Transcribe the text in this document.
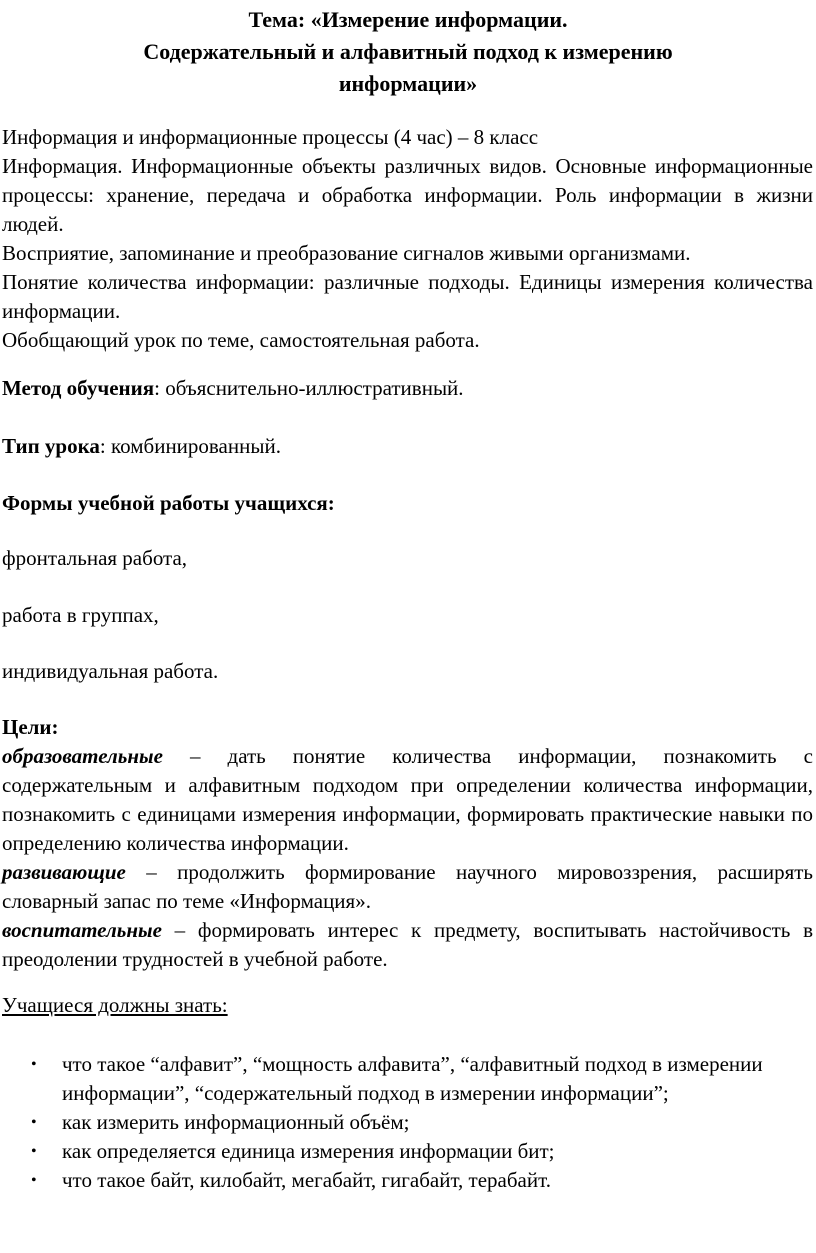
Тема: «Измерение информации.
Содержательный и алфавитный подход к измерению
информации»
Информация и информационные процессы (4 час) – 8 класс
Информация. Информационные объекты различных видов. Основные информационные процессы: хранение, передача и обработка информации. Роль информации в жизни людей.
Восприятие, запоминание и преобразование сигналов живыми организмами.
Понятие количества информации: различные подходы. Единицы измерения количества информации.
Обобщающий урок по теме, самостоятельная работа.
Метод обучения: объяснительно-иллюстративный.
Тип урока: комбинированный.
Формы учебной работы учащихся:
фронтальная работа,
работа в группах,
индивидуальная работа.
Цели:
образовательные – дать понятие количества информации, познакомить с содержательным и алфавитным подходом при определении количества информации, познакомить с единицами измерения информации, формировать практические навыки по определению количества информации.
развивающие – продолжить формирование научного мировоззрения, расширять словарный запас по теме «Информация».
воспитательные – формировать интерес к предмету, воспитывать настойчивость в преодолении трудностей в учебной работе.
Учащиеся должны знать:
• что такое “алфавит”, “мощность алфавита”, “алфавитный подход в измерении информации”, “содержательный подход в измерении информации”;
• как измерить информационный объём;
• как определяется единица измерения информации бит;
• что такое байт, килобайт, мегабайт, гигабайт, терабайт.
